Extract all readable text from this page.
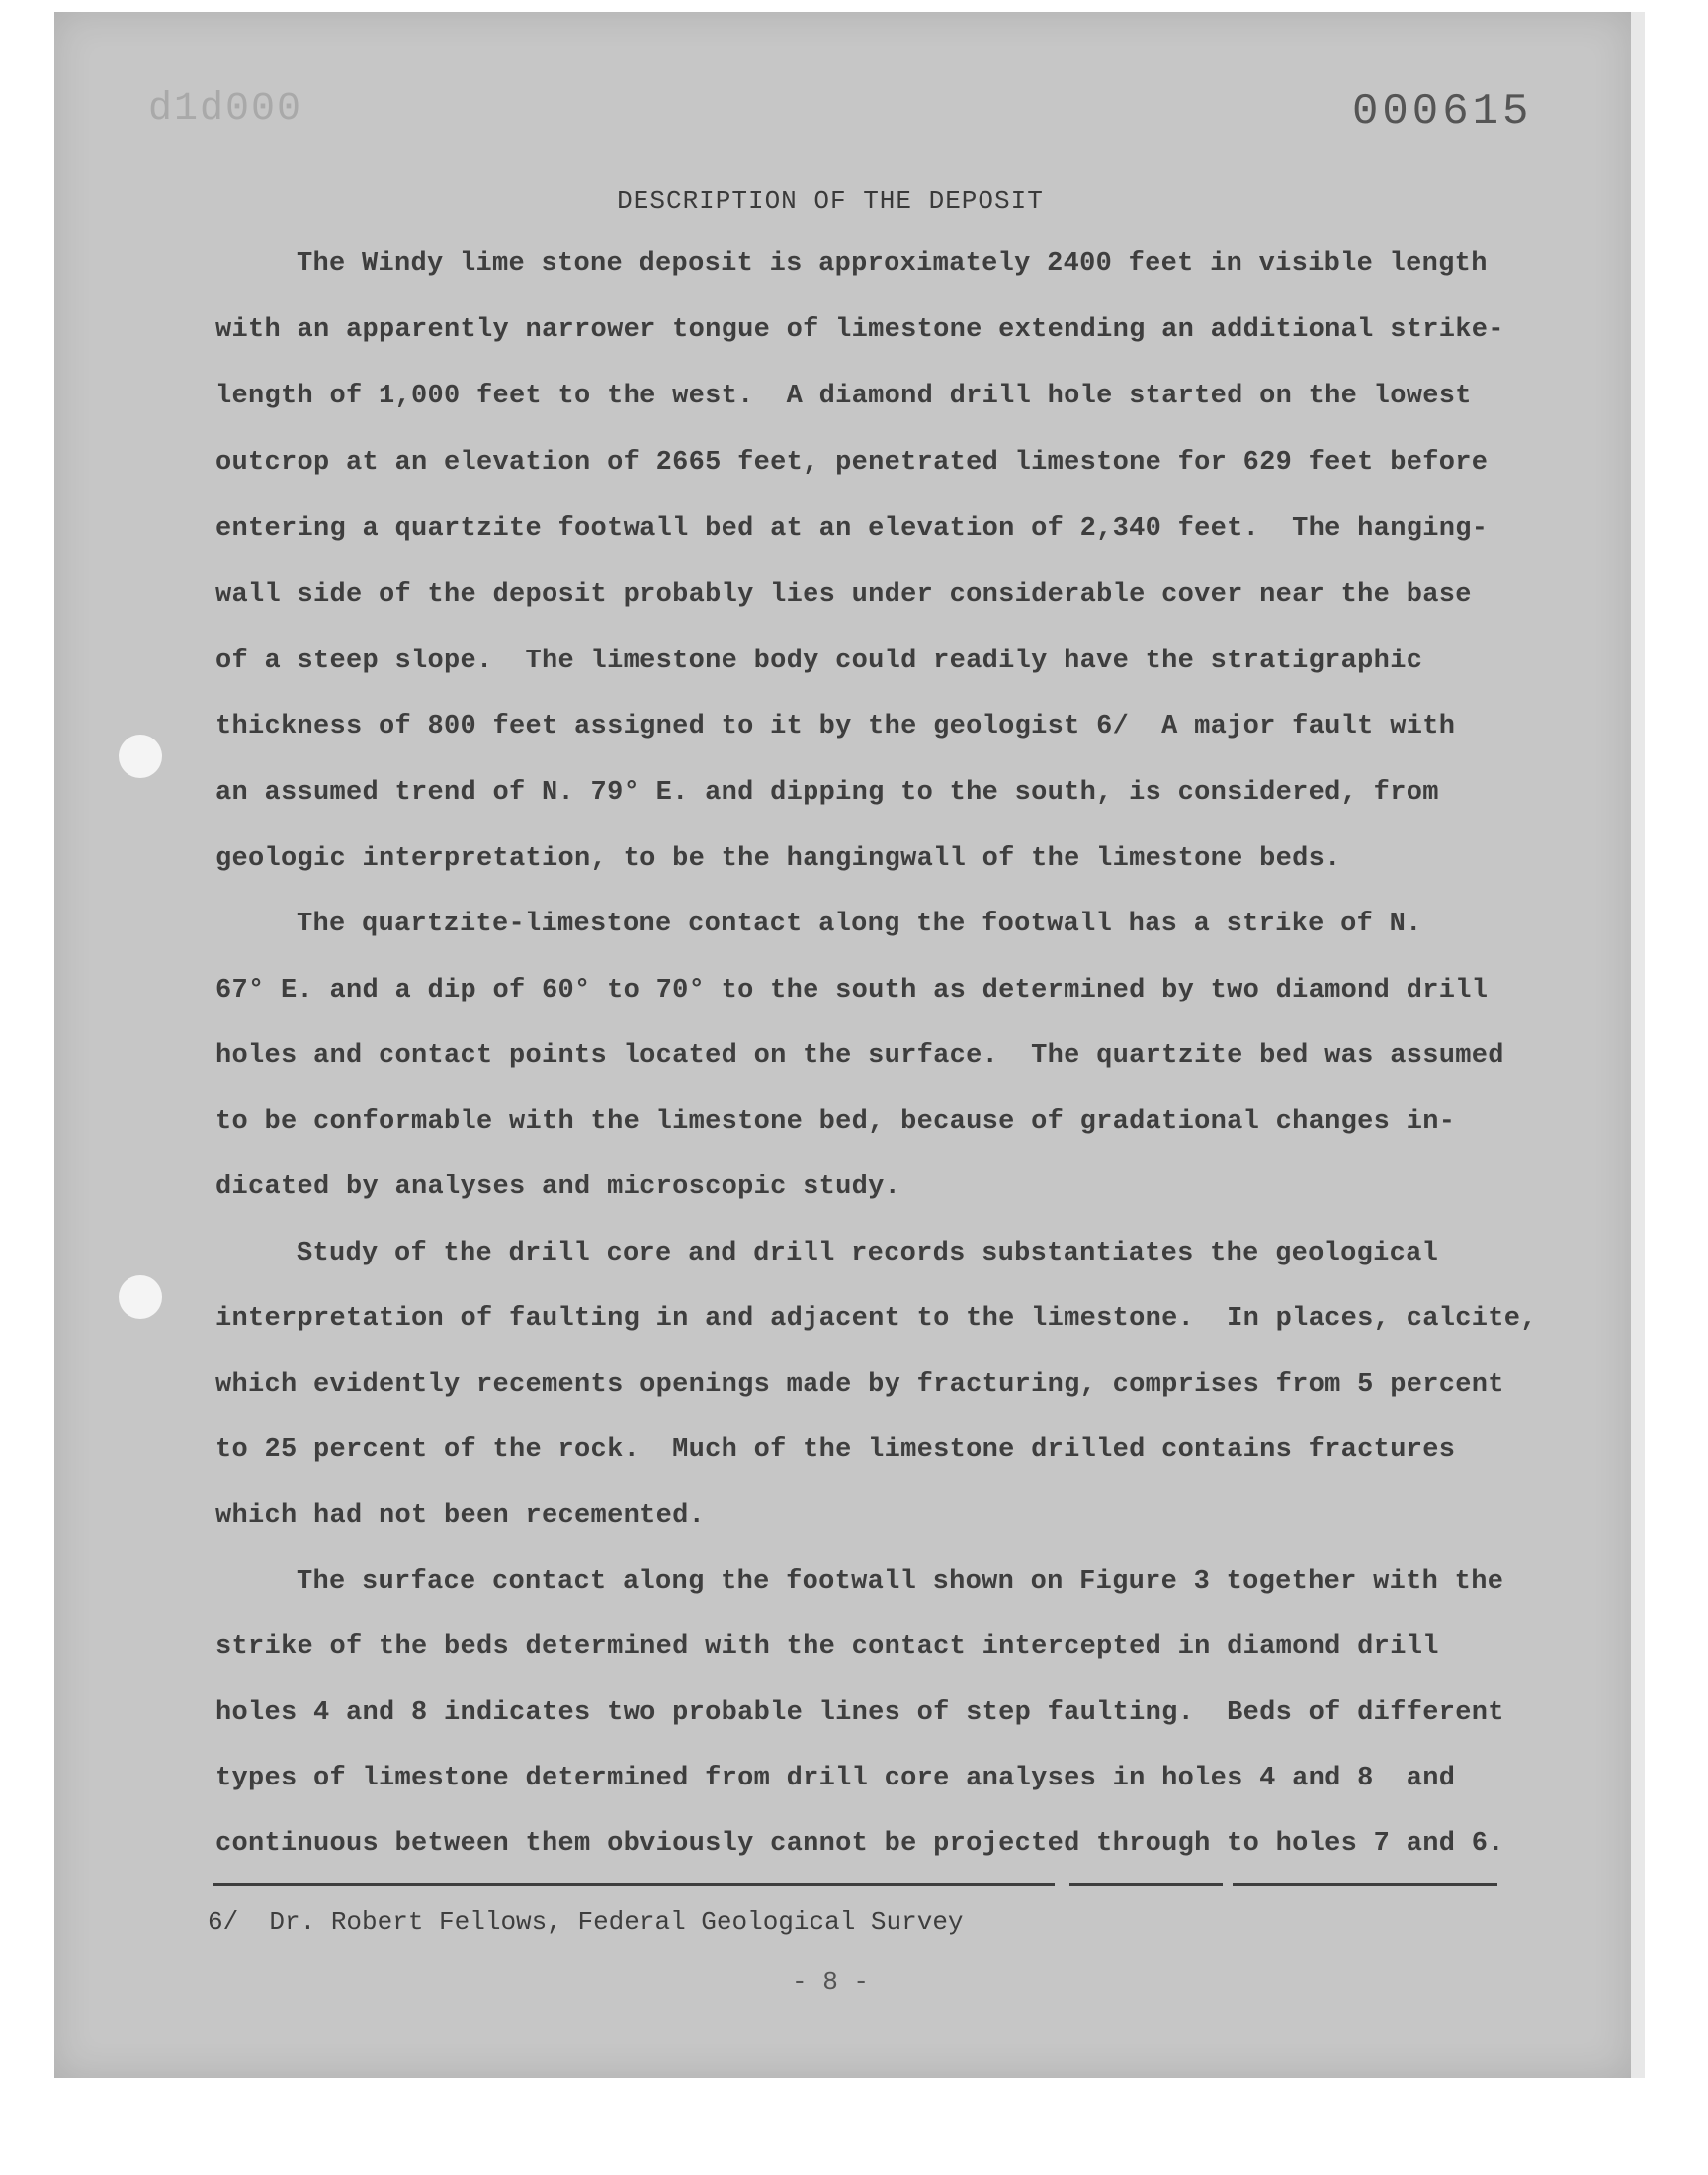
d1d000	000615
DESCRIPTION OF THE DEPOSIT
The Windy lime stone deposit is approximately 2400 feet in visible length
with an apparently narrower tongue of limestone extending an additional strike-
length of 1,000 feet to the west.  A diamond drill hole started on the lowest
outcrop at an elevation of 2665 feet, penetrated limestone for 629 feet before
entering a quartzite footwall bed at an elevation of 2,340 feet.  The hanging-
wall side of the deposit probably lies under considerable cover near the base
of a steep slope.  The limestone body could readily have the stratigraphic
thickness of 800 feet assigned to it by the geologist 6/  A major fault with
an assumed trend of N. 79° E. and dipping to the south, is considered, from
geologic interpretation, to be the hangingwall of the limestone beds.
The quartzite-limestone contact along the footwall has a strike of N.
67° E. and a dip of 60° to 70° to the south as determined by two diamond drill
holes and contact points located on the surface.  The quartzite bed was assumed
to be conformable with the limestone bed, because of gradational changes in-
dicated by analyses and microscopic study.
Study of the drill core and drill records substantiates the geological
interpretation of faulting in and adjacent to the limestone.  In places, calcite,
which evidently recements openings made by fracturing, comprises from 5 percent
to 25 percent of the rock.  Much of the limestone drilled contains fractures
which had not been recemented.
The surface contact along the footwall shown on Figure 3 together with the
strike of the beds determined with the contact intercepted in diamond drill
holes 4 and 8 indicates two probable lines of step faulting.  Beds of different
types of limestone determined from drill core analyses in holes 4 and 8  and
continuous between them obviously cannot be projected through to holes 7 and 6.
6/  Dr. Robert Fellows, Federal Geological Survey
- 8 -
